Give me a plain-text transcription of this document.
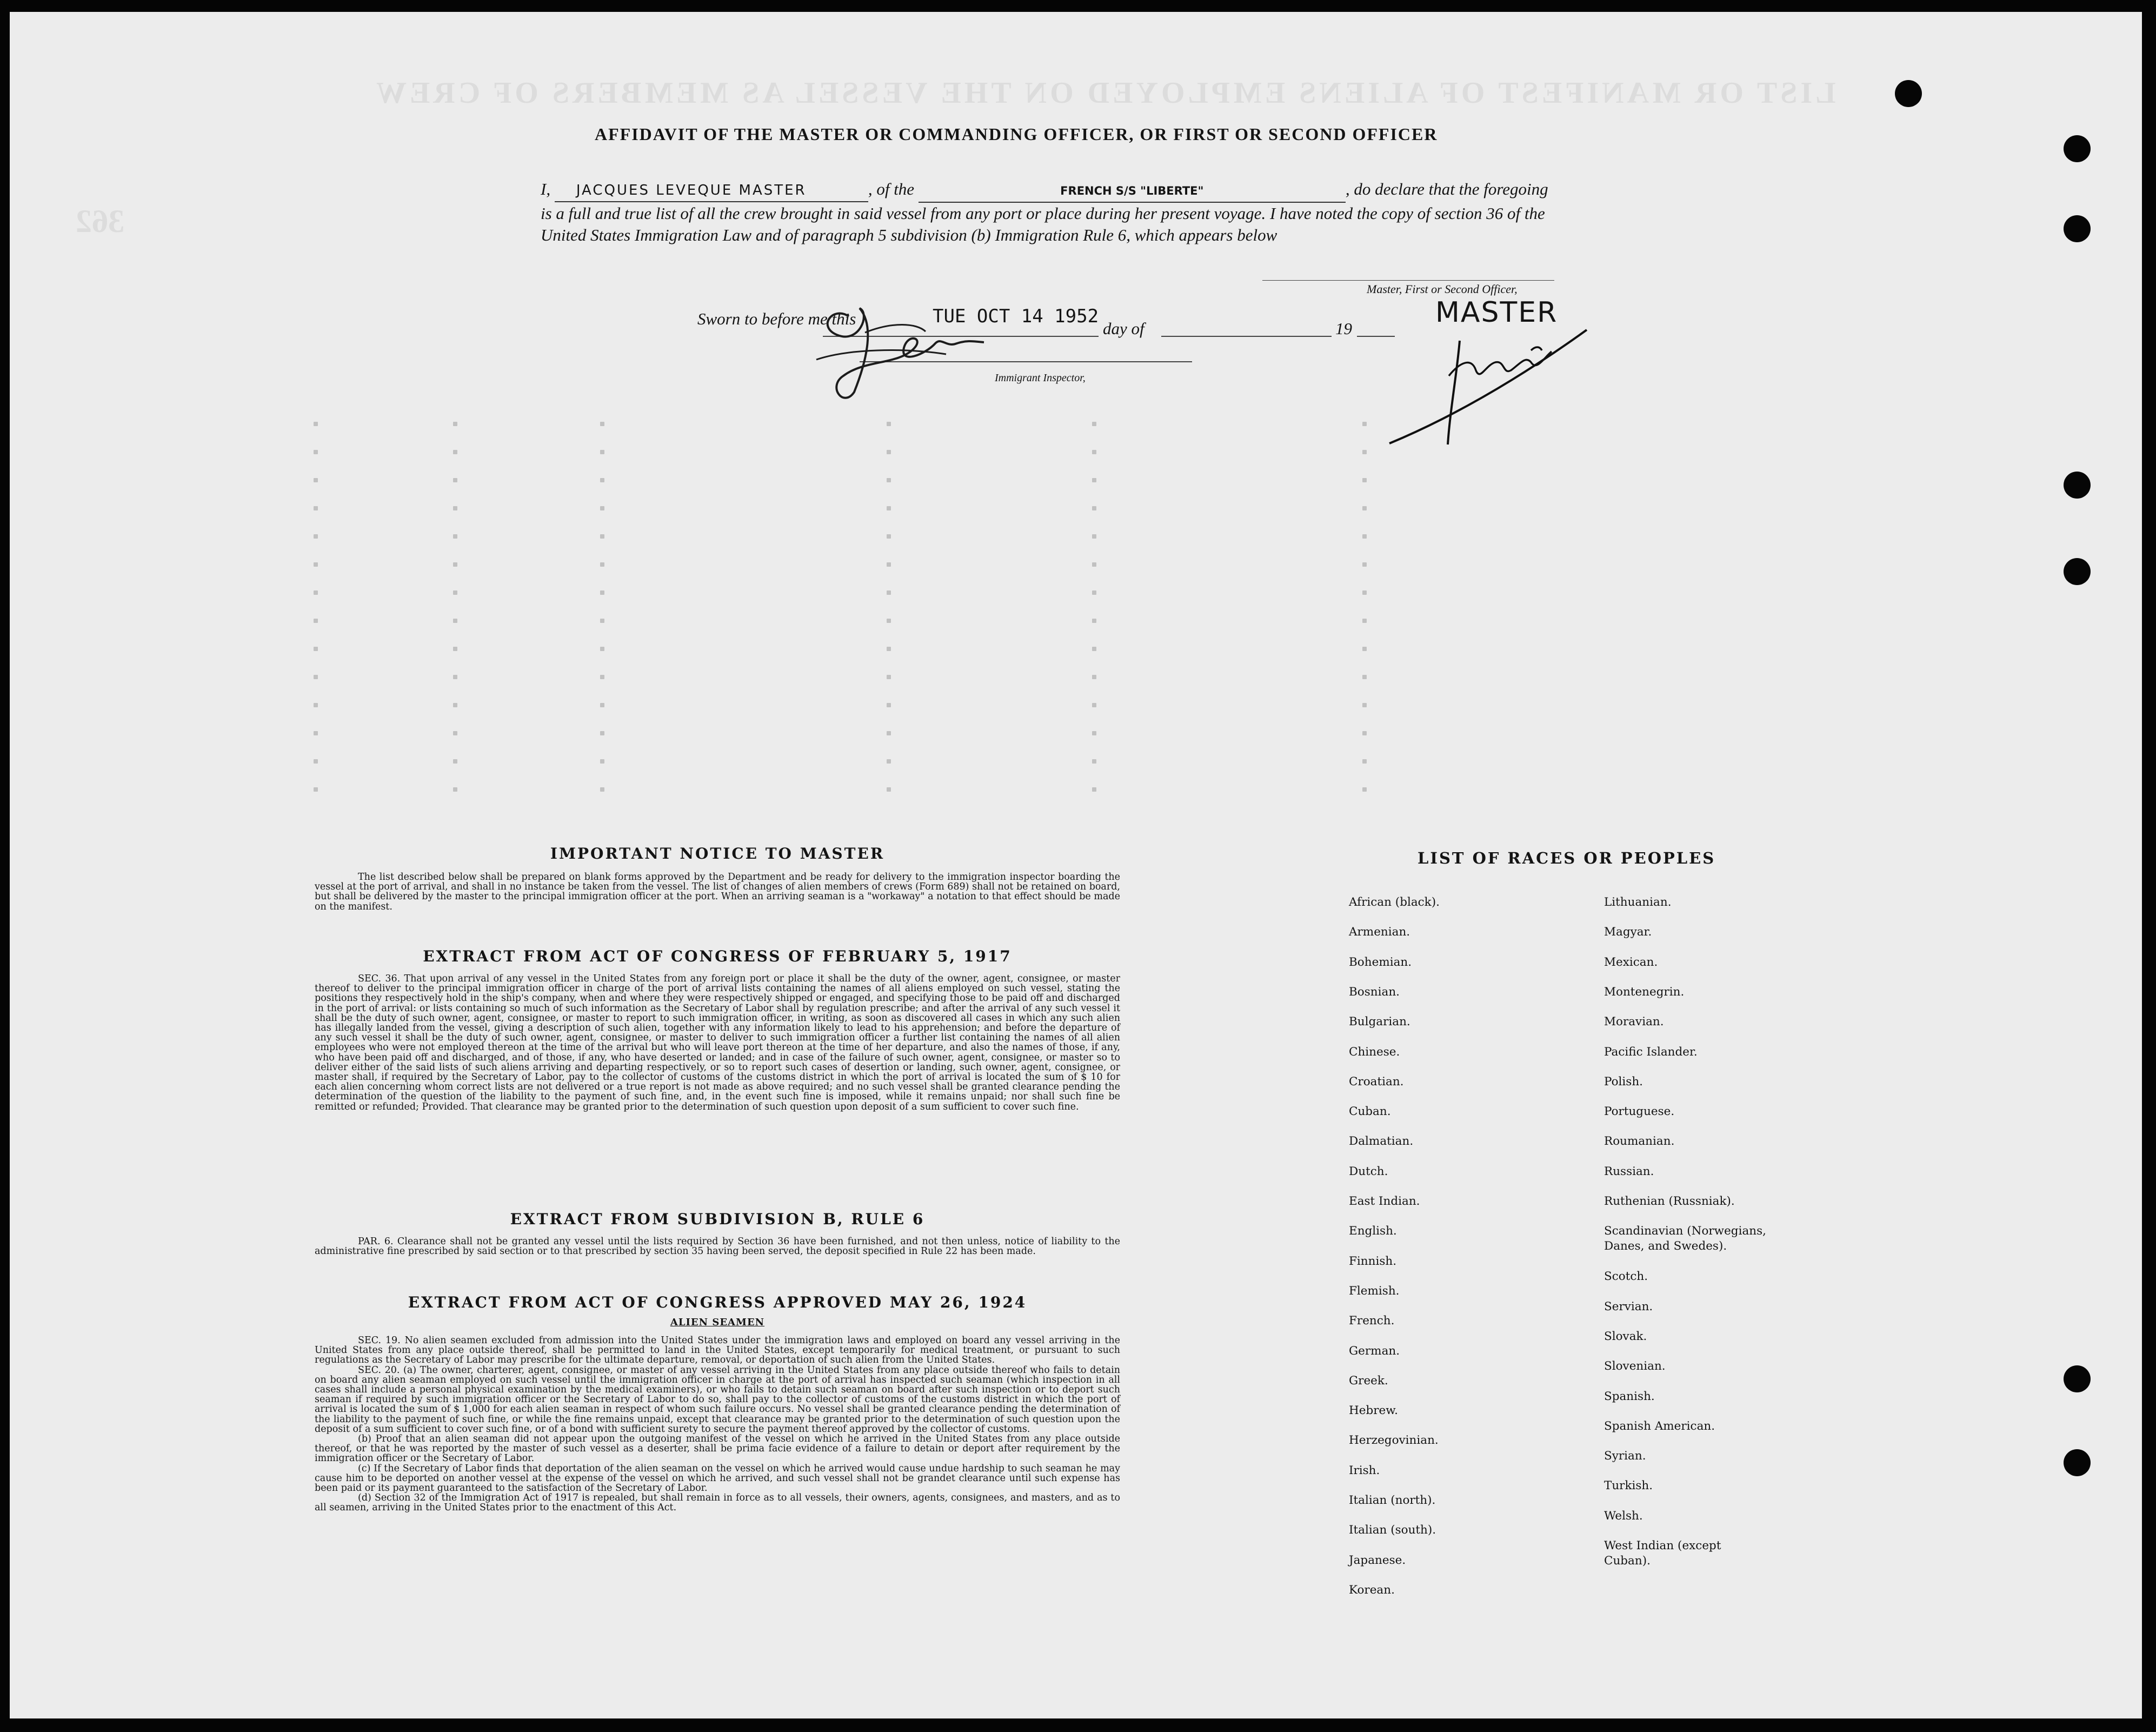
LIST OR MANIFEST OF ALIENS EMPLOYED ON THE VESSEL AS MEMBERS OF CREW
362
AFFIDAVIT OF THE MASTER OR COMMANDING OFFICER, OR FIRST OR SECOND OFFICER
I, JACQUES LEVEQUE MASTER	, of the	FRENCH S/S "LIBERTE"	, do declare that the foregoing is a full and true list of all the crew brought in said vessel from any port or place during her present voyage. I have noted the copy of section 36 of the United States Immigration Law and of paragraph 5 subdivision (b) Immigration Rule 6, which appears below
Sworn to before me this	TUE OCT 14 1952
day of	19
Immigrant Inspector,
Master, First or Second Officer,
MASTER
IMPORTANT NOTICE TO MASTER

The list described below shall be prepared on blank forms approved by the Department and be ready for delivery to the immigration inspector boarding the vessel at the port of arrival, and shall in no instance be taken from the vessel. The list of changes of alien members of crews (Form 689) shall not be retained on board, but shall be delivered by the master to the principal immigration officer at the port. When an arriving seaman is a "workaway" a notation to that effect should be made on the manifest.

EXTRACT FROM ACT OF CONGRESS OF FEBRUARY 5, 1917

SEC. 36. That upon arrival of any vessel in the United States from any foreign port or place it shall be the duty of the owner, agent, consignee, or master thereof to deliver to the principal immigration officer in charge of the port of arrival lists containing the names of all aliens employed on such vessel, stating the positions they respectively hold in the ship's company, when and where they were respectively shipped or engaged, and specifying those to be paid off and discharged in the port of arrival: or lists containing so much of such information as the Secretary of Labor shall by regulation prescribe; and after the arrival of any such vessel it shall be the duty of such owner, agent, consignee, or master to report to such immigration officer, in writing, as soon as discovered all cases in which any such alien has illegally landed from the vessel, giving a description of such alien, together with any information likely to lead to his apprehension; and before the departure of any such vessel it shall be the duty of such owner, agent, consignee, or master to deliver to such immigration officer a further list containing the names of all alien employees who were not employed thereon at the time of the arrival but who will leave port thereon at the time of her departure, and also the names of those, if any, who have been paid off and discharged, and of those, if any, who have deserted or landed; and in case of the failure of such owner, agent, consignee, or master so to deliver either of the said lists of such aliens arriving and departing respectively, or so to report such cases of desertion or landing, such owner, agent, consignee, or master shall, if required by the Secretary of Labor, pay to the collector of customs of the customs district in which the port of arrival is located the sum of $ 10 for each alien concerning whom correct lists are not delivered or a true report is not made as above required; and no such vessel shall be granted clearance pending the determination of the question of the liability to the payment of such fine, and, in the event such fine is imposed, while it remains unpaid; nor shall such fine be remitted or refunded; Provided. That clearance may be granted prior to the determination of such question upon deposit of a sum sufficient to cover such fine.

EXTRACT FROM SUBDIVISION B, RULE 6

PAR. 6. Clearance shall not be granted any vessel until the lists required by Section 36 have been furnished, and not then unless, notice of liability to the administrative fine prescribed by said section or to that prescribed by section 35 having been served, the deposit specified in Rule 22 has been made.

EXTRACT FROM ACT OF CONGRESS APPROVED MAY 26, 1924
ALIEN SEAMEN

SEC. 19. No alien seamen excluded from admission into the United States under the immigration laws and employed on board any vessel arriving in the United States from any place outside thereof, shall be permitted to land in the United States, except temporarily for medical treatment, or pursuant to such regulations as the Secretary of Labor may prescribe for the ultimate departure, removal, or deportation of such alien from the United States.

SEC. 20. (a) The owner, charterer, agent, consignee, or master of any vessel arriving in the United States from any place outside thereof who fails to detain on board any alien seaman employed on such vessel until the immigration officer in charge at the port of arrival has inspected such seaman (which inspection in all cases shall include a personal physical examination by the medical examiners), or who fails to detain such seaman on board after such inspection or to deport such seaman if required by such immigration officer or the Secretary of Labor to do so, shall pay to the collector of customs of the customs district in which the port of arrival is located the sum of $ 1,000 for each alien seaman in respect of whom such failure occurs. No vessel shall be granted clearance pending the determination of the liability to the payment of such fine, or while the fine remains unpaid, except that clearance may be granted prior to the determination of such question upon the deposit of a sum sufficient to cover such fine, or of a bond with sufficient surety to secure the payment thereof approved by the collector of customs.

(b) Proof that an alien seaman did not appear upon the outgoing manifest of the vessel on which he arrived in the United States from any place outside thereof, or that he was reported by the master of such vessel as a deserter, shall be prima facie evidence of a failure to detain or deport after requirement by the immigration officer or the Secretary of Labor.

(c) If the Secretary of Labor finds that deportation of the alien seaman on the vessel on which he arrived would cause undue hardship to such seaman he may cause him to be deported on another vessel at the expense of the vessel on which he arrived, and such vessel shall not be grandet clearance until such expense has been paid or its payment guaranteed to the satisfaction of the Secretary of Labor.

(d) Section 32 of the Immigration Act of 1917 is repealed, but shall remain in force as to all vessels, their owners, agents, consignees, and masters, and as to all seamen, arriving in the United States prior to the enactment of this Act.

LIST OF RACES OR PEOPLES
African (black).
Armenian.
Bohemian.
Bosnian.
Bulgarian.
Chinese.
Croatian.
Cuban.
Dalmatian.
Dutch.
East Indian.
English.
Finnish.
Flemish.
French.
German.
Greek.
Hebrew.
Herzegovinian.
Irish.
Italian (north).
Italian (south).
Japanese.
Korean.
Lithuanian.
Magyar.
Mexican.
Montenegrin.
Moravian.
Pacific Islander.
Polish.
Portuguese.
Roumanian.
Russian.
Ruthenian (Russniak).
Scandinavian (Norwegians, Danes, and Swedes).
Scotch.
Servian.
Slovak.
Slovenian.
Spanish.
Spanish American.
Syrian.
Turkish.
Welsh.
West Indian (except Cuban).
